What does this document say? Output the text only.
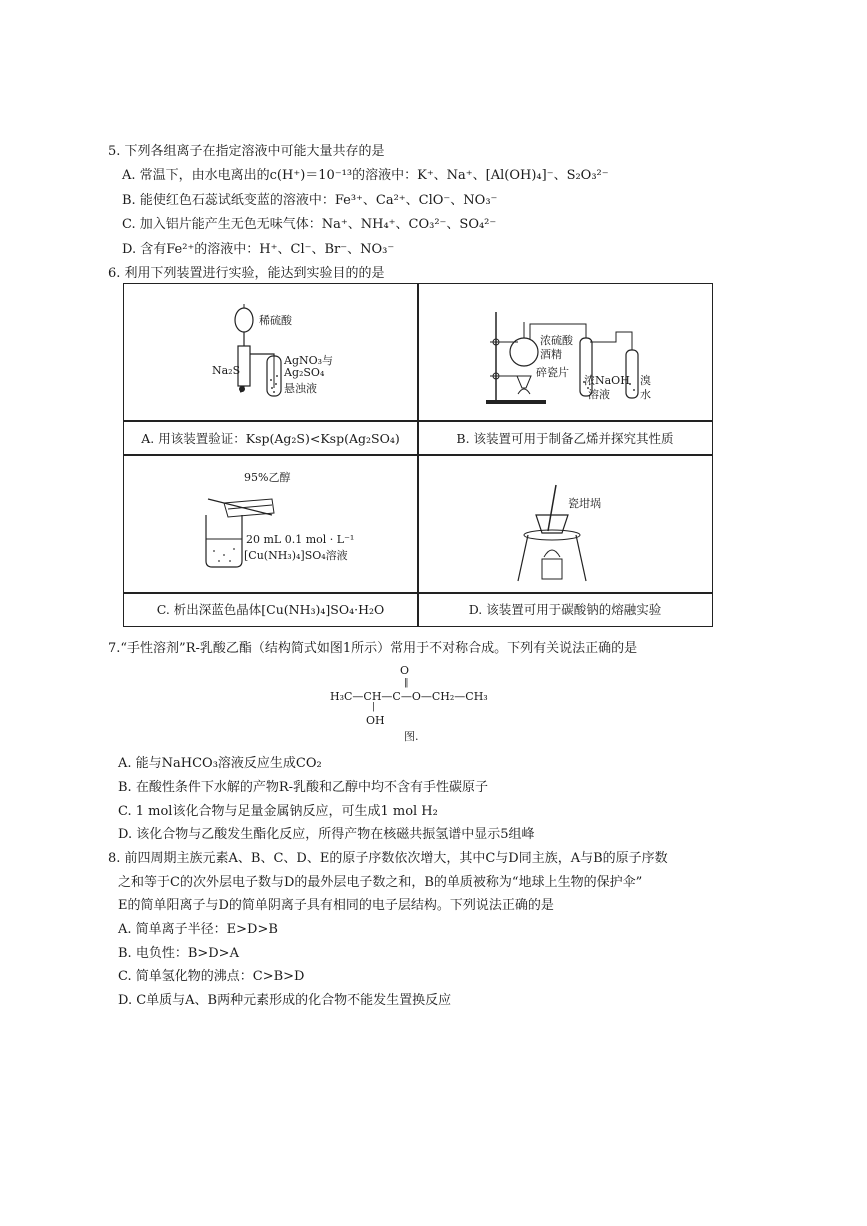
5. 下列各组离子在指定溶液中可能大量共存的是
A. 常温下，由水电离出的c(H⁺)＝10⁻¹³的溶液中：K⁺、Na⁺、[Al(OH)₄]⁻、S₂O₃²⁻
B. 能使红色石蕊试纸变蓝的溶液中：Fe³⁺、Ca²⁺、ClO⁻、NO₃⁻
C. 加入铝片能产生无色无味气体：Na⁺、NH₄⁺、CO₃²⁻、SO₄²⁻
D. 含有Fe²⁺的溶液中：H⁺、Cl⁻、Br⁻、NO₃⁻
6. 利用下列装置进行实验，能达到实验目的的是
稀硫酸
Na₂S
AgNO₃与
Ag₂SO₄
悬浊液
浓硫酸
酒精
碎瓷片
浓NaOH
溶液
溴
水
A. 用该装置验证：Ksp(Ag₂S)<Ksp(Ag₂SO₄)	B. 该装置可用于制备乙烯并探究其性质
95%乙醇
20 mL 0.1 mol · L⁻¹
[Cu(NH₃)₄]SO₄溶液
瓷坩埚
C. 析出深蓝色晶体[Cu(NH₃)₄]SO₄·H₂O	D. 该装置可用于碳酸钠的熔融实验
7.“手性溶剂”R-乳酸乙酯（结构简式如图1所示）常用于不对称合成。下列有关说法正确的是
O
‖
H₃C—CH—C—O—CH₂—CH₃
|
OH
图.
A. 能与NaHCO₃溶液反应生成CO₂
B. 在酸性条件下水解的产物R-乳酸和乙醇中均不含有手性碳原子
C. 1 mol该化合物与足量金属钠反应，可生成1 mol H₂
D. 该化合物与乙酸发生酯化反应，所得产物在核磁共振氢谱中显示5组峰
8. 前四周期主族元素A、B、C、D、E的原子序数依次增大，其中C与D同主族，A与B的原子序数
之和等于C的次外层电子数与D的最外层电子数之和，B的单质被称为“地球上生物的保护伞”
E的简单阳离子与D的简单阴离子具有相同的电子层结构。下列说法正确的是
A. 简单离子半径：E>D>B
B. 电负性：B>D>A
C. 简单氢化物的沸点：C>B>D
D. C单质与A、B两种元素形成的化合物不能发生置换反应
